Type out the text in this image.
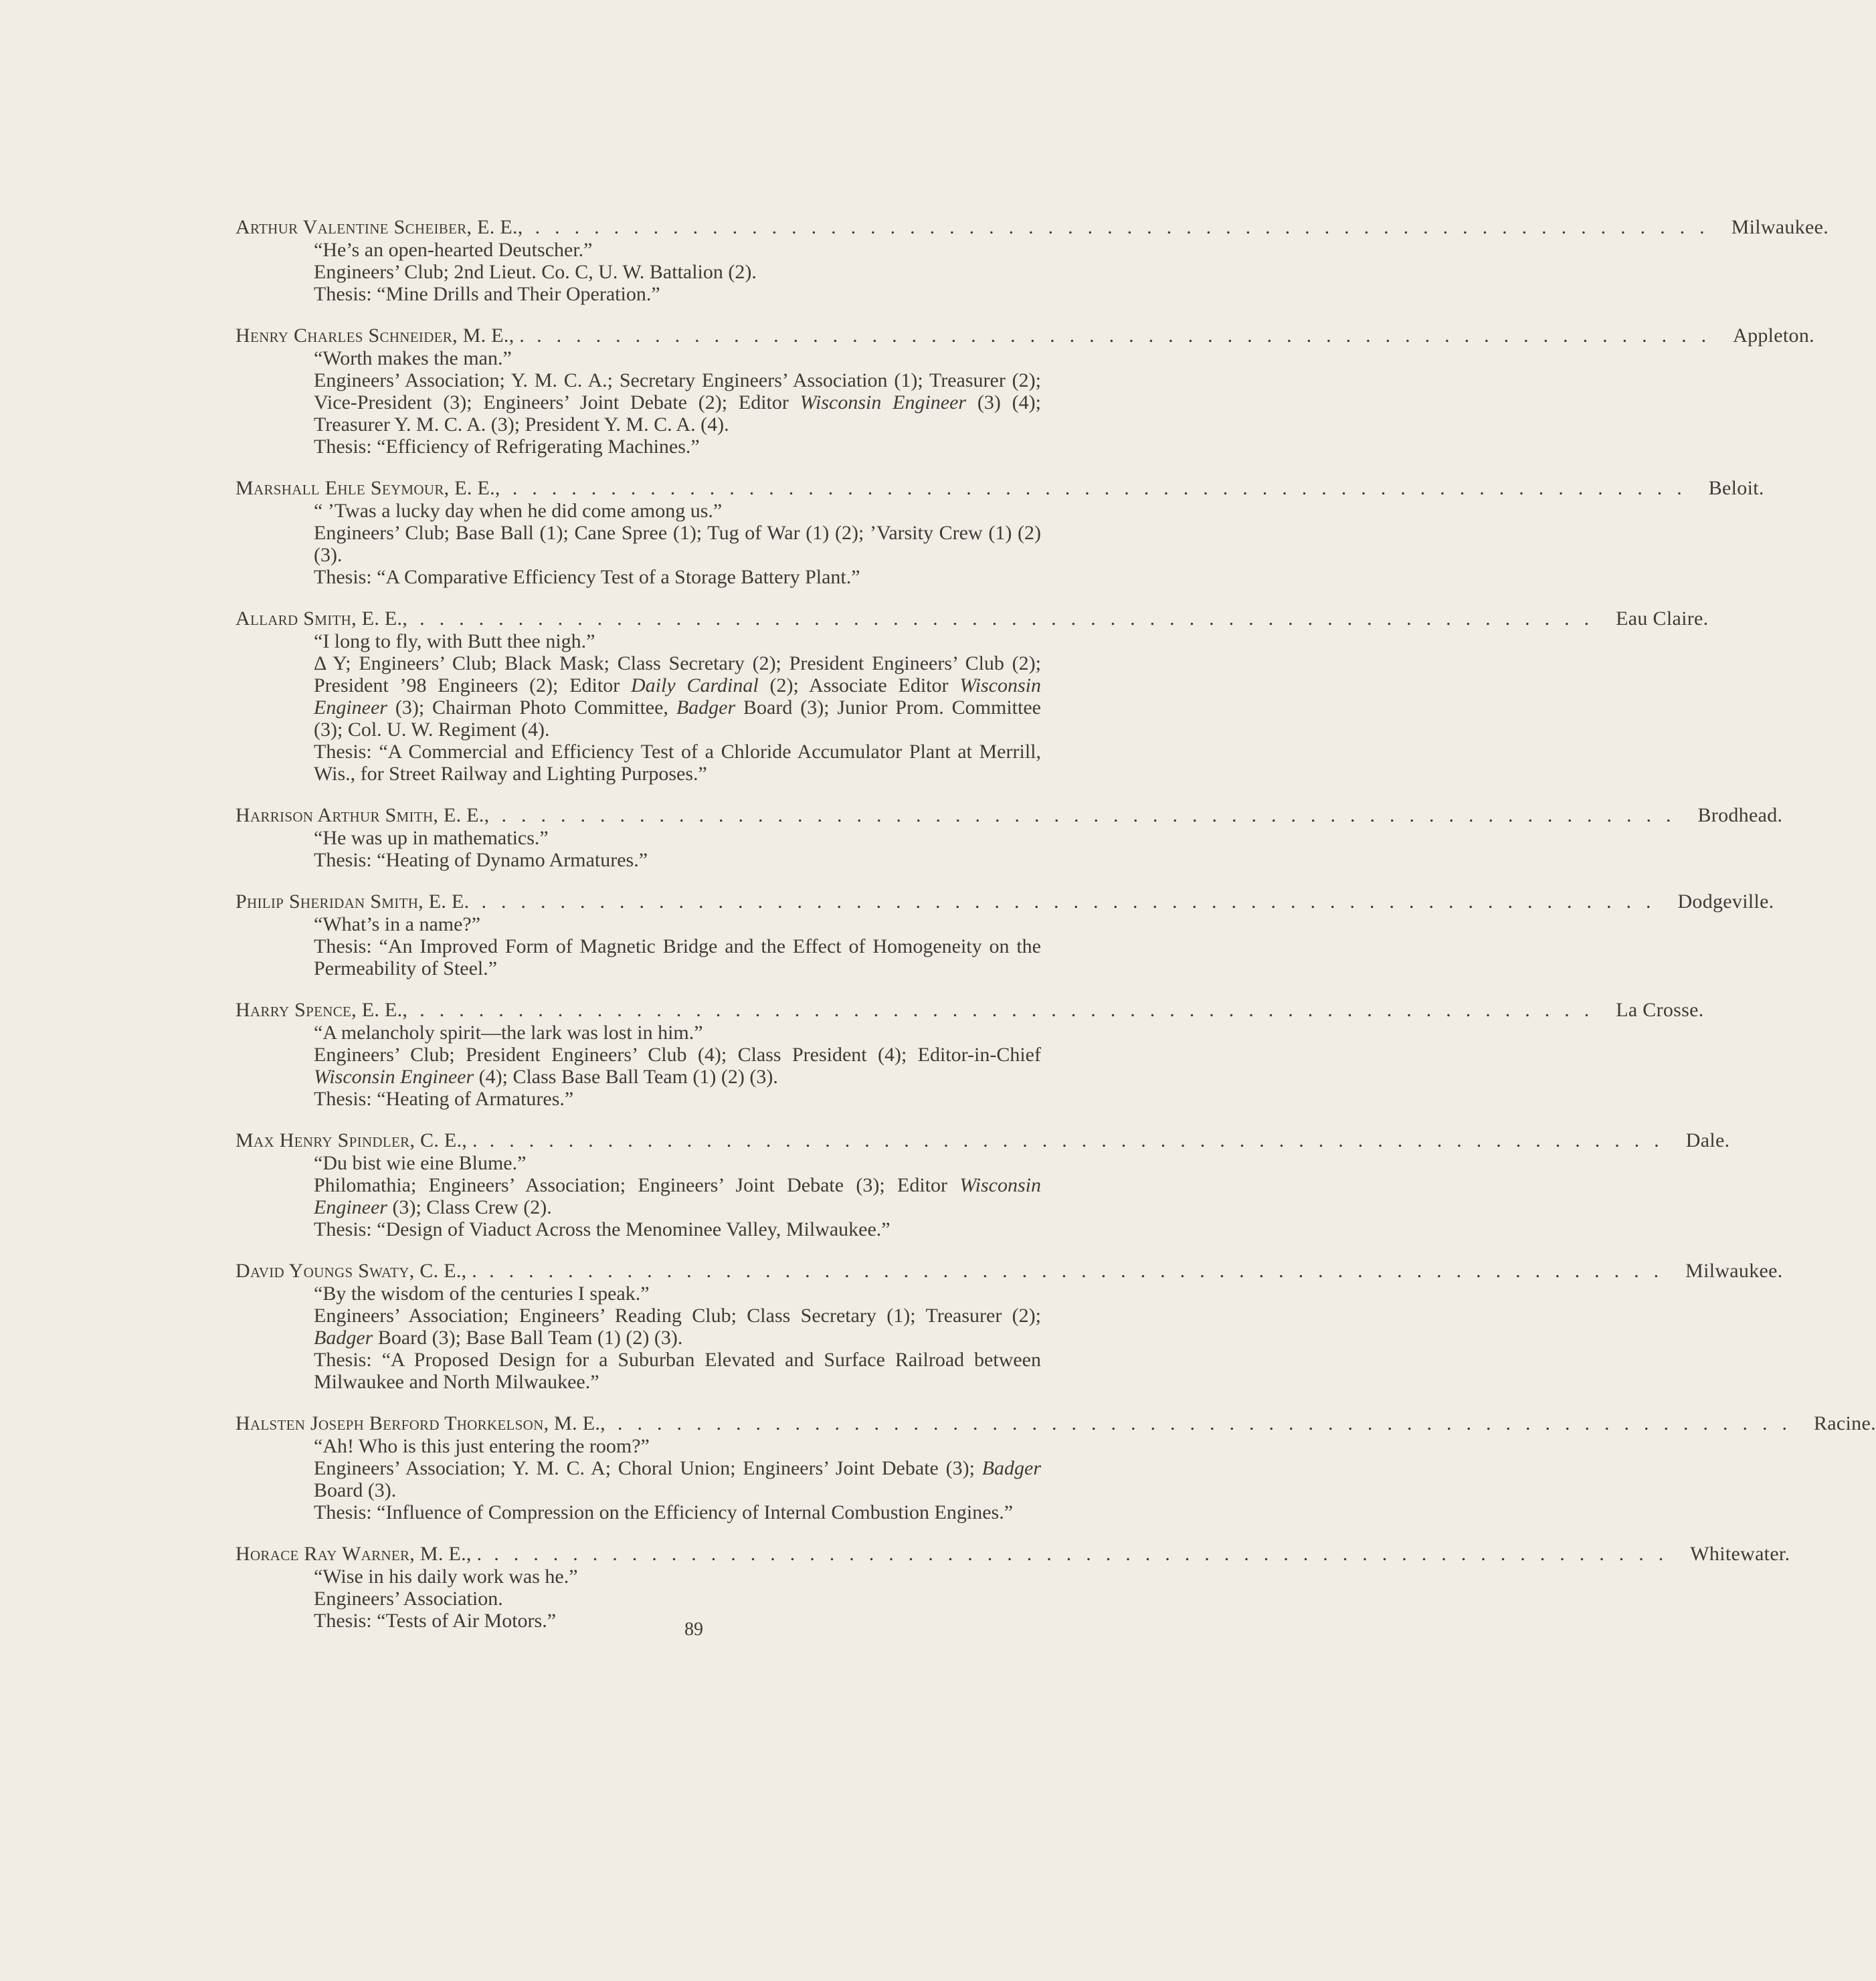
Arthur Valentine Scheiber , E. E., ............................................................ Milwaukee.

“He’s an open-hearted Deutscher.”

Engineers’ Club; 2nd Lieut. Co. C, U. W. Battalion (2).

Thesis: “Mine Drills and Their Operation.”

Henry Charles Schneider , M. E., . ............................................................ Appleton.

“Worth makes the man.”

Engineers’ Association; Y. M. C. A.; Secretary Engineers’ Association (1); Treasurer (2); Vice-President (3); Engineers’ Joint Debate (2); Editor Wisconsin Engineer (3) (4); Treasurer Y. M. C. A. (3); President Y. M. C. A. (4).

Thesis: “Efficiency of Refrigerating Machines.”

Marshall Ehle Seymour , E. E., ............................................................ Beloit.

“ ’Twas a lucky day when he did come among us.”

Engineers’ Club; Base Ball (1); Cane Spree (1); Tug of War (1) (2); ’Varsity Crew (1) (2) (3).

Thesis: “A Comparative Efficiency Test of a Storage Battery Plant.”

Allard Smith , E. E., ............................................................ Eau Claire.

“I long to fly, with Butt thee nigh.”

Δ Υ; Engineers’ Club; Black Mask; Class Secretary (2); President Engineers’ Club (2); President ’98 Engineers (2); Editor Daily Cardinal (2); Associate Editor Wisconsin Engineer (3); Chairman Photo Committee, Badger Board (3); Junior Prom. Committee (3); Col. U. W. Regiment (4).

Thesis: “A Commercial and Efficiency Test of a Chloride Accumulator Plant at Merrill, Wis., for Street Railway and Lighting Purposes.”

Harrison Arthur Smith , E. E., ............................................................ Brodhead.

“He was up in mathematics.”

Thesis: “Heating of Dynamo Armatures.”

Philip Sheridan Smith , E. E. ............................................................ Dodgeville.

“What’s in a name?”

Thesis: “An Improved Form of Magnetic Bridge and the Effect of Homogeneity on the Permeability of Steel.”

Harry Spence , E. E., ............................................................ La Crosse.

“A melancholy spirit—the lark was lost in him.”

Engineers’ Club; President Engineers’ Club (4); Class President (4); Editor-in-Chief Wisconsin Engineer (4); Class Base Ball Team (1) (2) (3).

Thesis: “Heating of Armatures.”

Max Henry Spindler , C. E., . ............................................................ Dale.

“Du bist wie eine Blume.”

Philomathia; Engineers’ Association; Engineers’ Joint Debate (3); Editor Wisconsin Engineer (3); Class Crew (2).

Thesis: “Design of Viaduct Across the Menominee Valley, Milwaukee.”

David Youngs Swaty , C. E., . ............................................................ Milwaukee.

“By the wisdom of the centuries I speak.”

Engineers’ Association; Engineers’ Reading Club; Class Secretary (1); Treasurer (2); Badger Board (3); Base Ball Team (1) (2) (3).

Thesis: “A Proposed Design for a Suburban Elevated and Surface Railroad between Milwaukee and North Milwaukee.”

Halsten Joseph Berford Thorkelson , M. E., ............................................................ Racine.

“Ah! Who is this just entering the room?”

Engineers’ Association; Y. M. C. A; Choral Union; Engineers’ Joint Debate (3); Badger Board (3).

Thesis: “Influence of Compression on the Efficiency of Internal Combustion Engines.”

Horace Ray Warner , M. E., . ............................................................ Whitewater.

“Wise in his daily work was he.”

Engineers’ Association.

Thesis: “Tests of Air Motors.”	89
